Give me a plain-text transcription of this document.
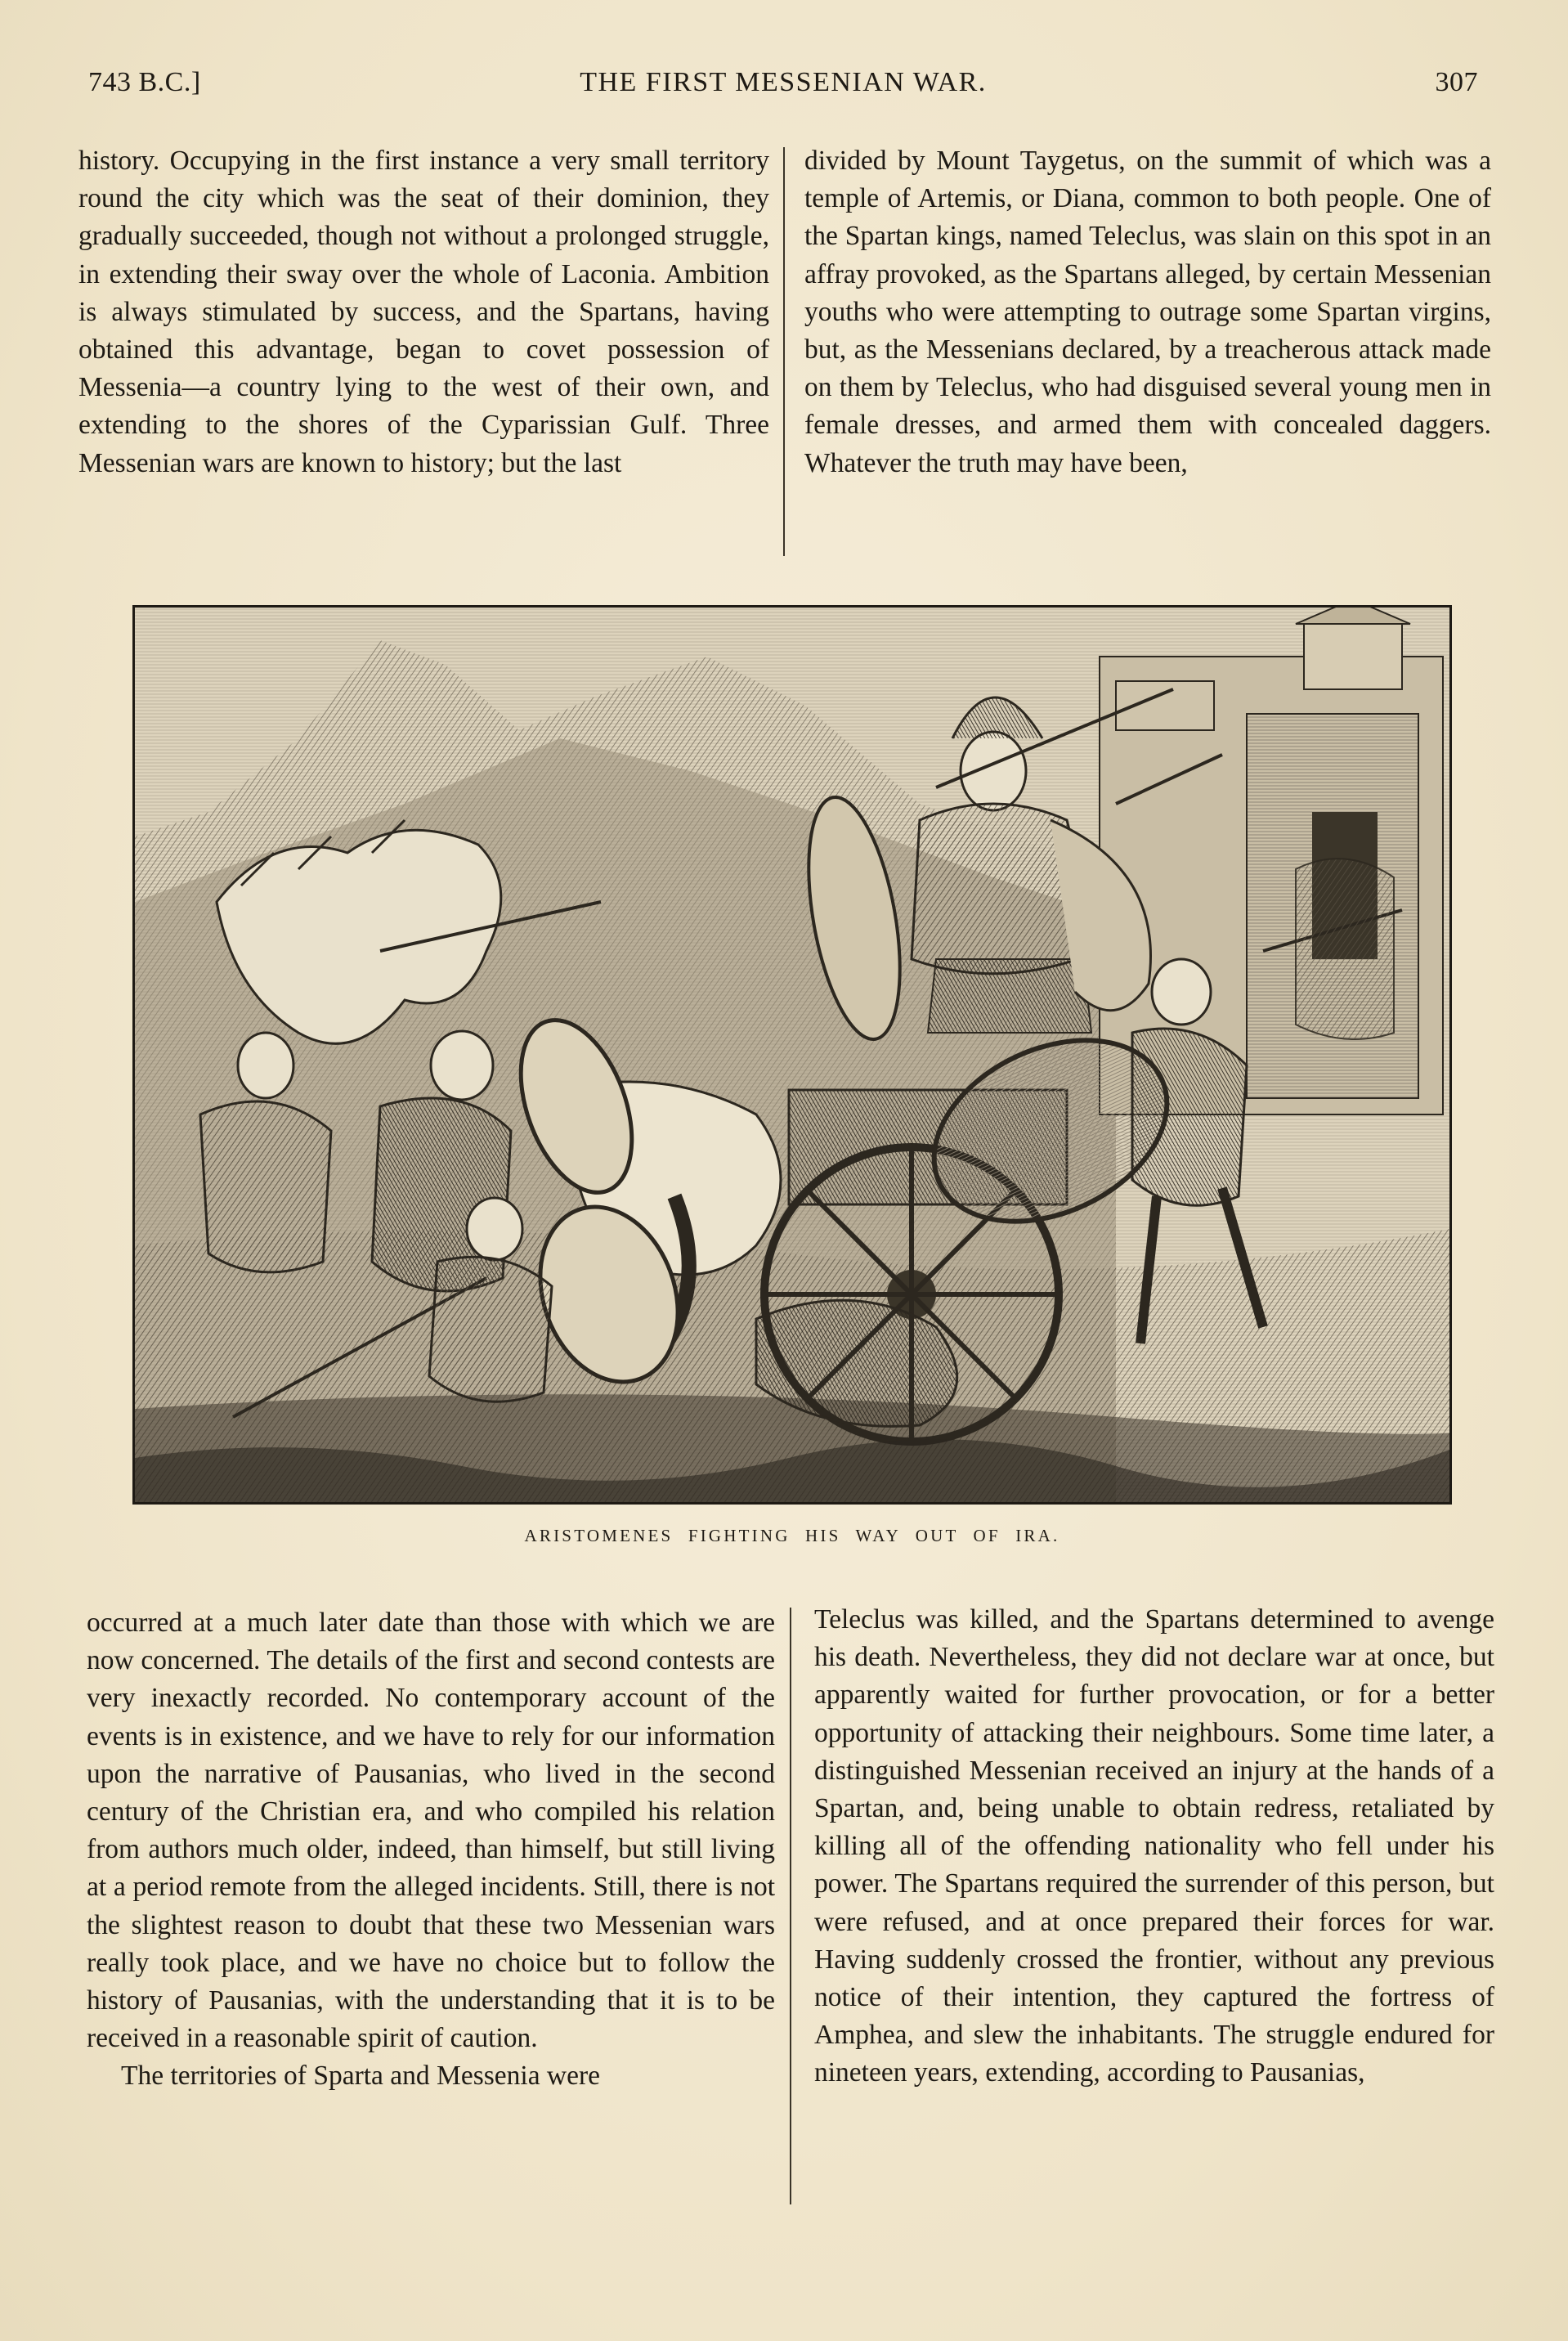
743 B.C.]	THE FIRST MESSENIAN WAR.	307

history. Occupying in the first instance a very small territory round the city which was the seat of their dominion, they gradually succeeded, though not without a prolonged struggle, in extending their sway over the whole of Laconia. Ambition is always stimulated by success, and the Spartans, having obtained this advantage, began to covet possession of Messenia—a country lying to the west of their own, and extending to the shores of the Cyparissian Gulf. Three Messenian wars are known to history; but the last

divided by Mount Taygetus, on the summit of which was a temple of Artemis, or Diana, common to both people. One of the Spartan kings, named Teleclus, was slain on this spot in an affray provoked, as the Spartans alleged, by certain Messenian youths who were attempting to outrage some Spartan virgins, but, as the Messenians declared, by a treacherous attack made on them by Teleclus, who had disguised several young men in female dresses, and armed them with concealed daggers. Whatever the truth may have been,

ARISTOMENES FIGHTING HIS WAY OUT OF IRA.

occurred at a much later date than those with which we are now concerned. The details of the first and second contests are very inexactly recorded. No contemporary account of the events is in existence, and we have to rely for our information upon the narrative of Pausanias, who lived in the second century of the Christian era, and who compiled his relation from authors much older, indeed, than himself, but still living at a period remote from the alleged incidents. Still, there is not the slightest reason to doubt that these two Messenian wars really took place, and we have no choice but to follow the history of Pausanias, with the understanding that it is to be received in a reasonable spirit of caution.

The territories of Sparta and Messenia were

Teleclus was killed, and the Spartans determined to avenge his death. Nevertheless, they did not declare war at once, but apparently waited for further provocation, or for a better opportunity of attacking their neighbours. Some time later, a distinguished Messenian received an injury at the hands of a Spartan, and, being unable to obtain redress, retaliated by killing all of the offending nationality who fell under his power. The Spartans required the surrender of this person, but were refused, and at once prepared their forces for war. Having suddenly crossed the frontier, without any previous notice of their intention, they captured the fortress of Amphea, and slew the inhabitants. The struggle endured for nineteen years, extending, according to Pausanias,
